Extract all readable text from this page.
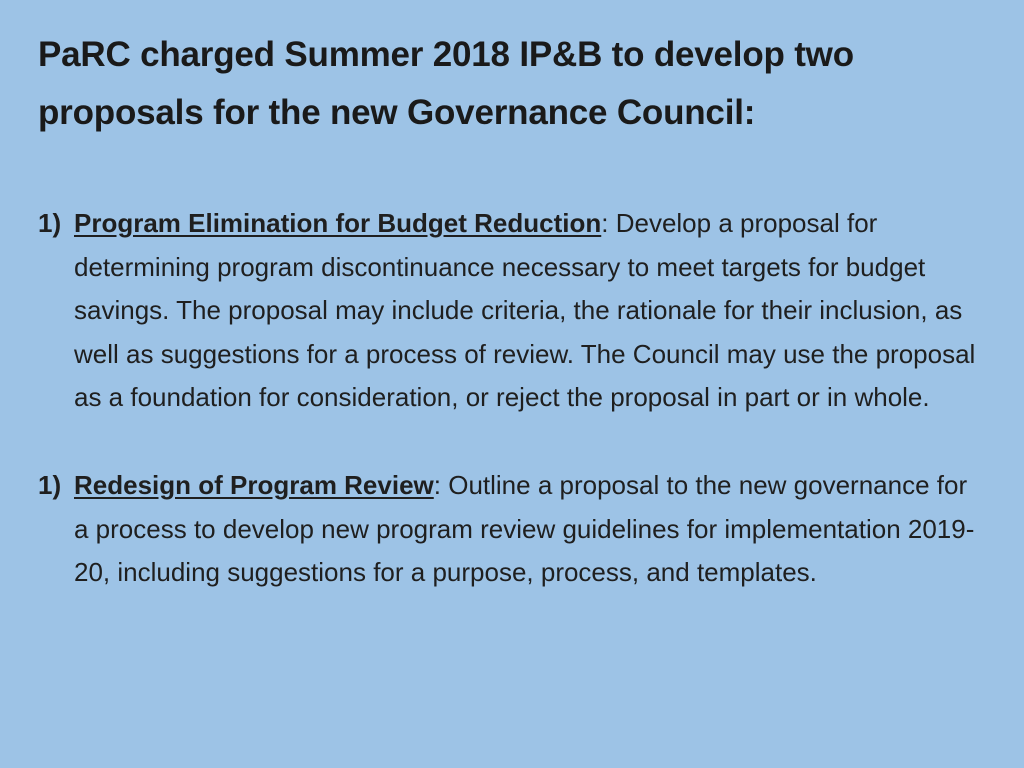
PaRC charged Summer 2018 IP&B to develop two proposals for the new Governance Council:
1) Program Elimination for Budget Reduction: Develop a proposal for determining program discontinuance necessary to meet targets for budget savings. The proposal may include criteria, the rationale for their inclusion, as well as suggestions for a process of review. The Council may use the proposal as a foundation for consideration, or reject the proposal in part or in whole.
1) Redesign of Program Review: Outline a proposal to the new governance for a process to develop new program review guidelines for implementation 2019-20, including suggestions for a purpose, process, and templates.
